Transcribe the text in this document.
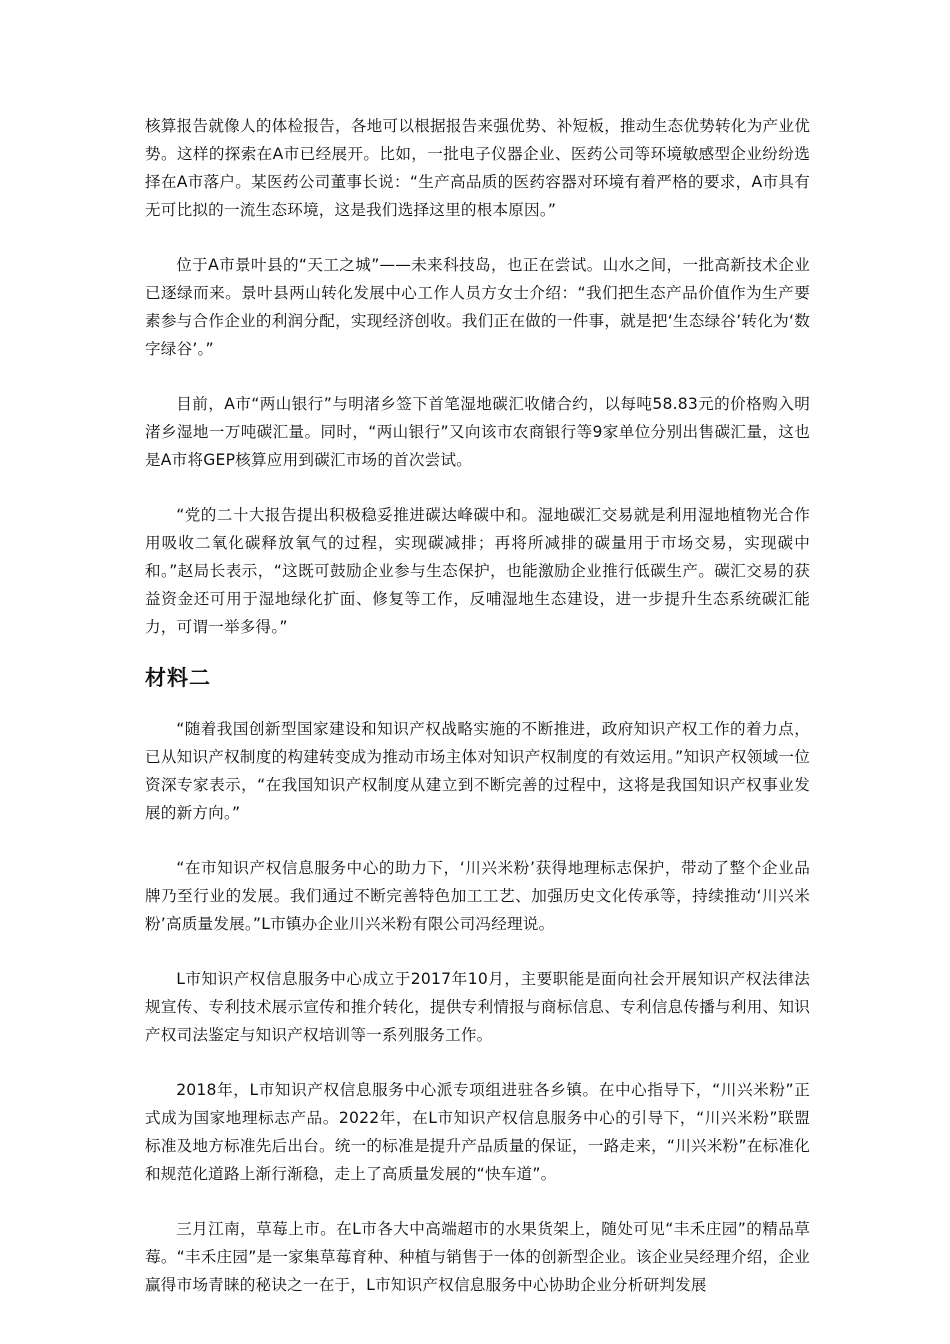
核算报告就像人的体检报告，各地可以根据报告来强优势、补短板，推动生态优势转化为产业优势。这样的探索在A市已经展开。比如，一批电子仪器企业、医药公司等环境敏感型企业纷纷选择在A市落户。某医药公司董事长说：“生产高品质的医药容器对环境有着严格的要求，A市具有无可比拟的一流生态环境，这是我们选择这里的根本原因。”

位于A市景叶县的“天工之城”——未来科技岛，也正在尝试。山水之间，一批高新技术企业已逐绿而来。景叶县两山转化发展中心工作人员方女士介绍：“我们把生态产品价值作为生产要素参与合作企业的利润分配，实现经济创收。我们正在做的一件事，就是把‘生态绿谷’转化为‘数字绿谷’。”

目前，A市“两山银行”与明渚乡签下首笔湿地碳汇收储合约，以每吨58.83元的价格购入明渚乡湿地一万吨碳汇量。同时，“两山银行”又向该市农商银行等9家单位分别出售碳汇量，这也是A市将GEP核算应用到碳汇市场的首次尝试。

“党的二十大报告提出积极稳妥推进碳达峰碳中和。湿地碳汇交易就是利用湿地植物光合作用吸收二氧化碳释放氧气的过程，实现碳减排；再将所减排的碳量用于市场交易，实现碳中和。”赵局长表示，“这既可鼓励企业参与生态保护，也能激励企业推行低碳生产。碳汇交易的获益资金还可用于湿地绿化扩面、修复等工作，反哺湿地生态建设，进一步提升生态系统碳汇能力，可谓一举多得。”

材料二

“随着我国创新型国家建设和知识产权战略实施的不断推进，政府知识产权工作的着力点，已从知识产权制度的构建转变成为推动市场主体对知识产权制度的有效运用。”知识产权领域一位资深专家表示，“在我国知识产权制度从建立到不断完善的过程中，这将是我国知识产权事业发展的新方向。”

“在市知识产权信息服务中心的助力下，‘川兴米粉’获得地理标志保护，带动了整个企业品牌乃至行业的发展。我们通过不断完善特色加工工艺、加强历史文化传承等，持续推动‘川兴米粉’高质量发展。”L市镇办企业川兴米粉有限公司冯经理说。

L市知识产权信息服务中心成立于2017年10月，主要职能是面向社会开展知识产权法律法规宣传、专利技术展示宣传和推介转化，提供专利情报与商标信息、专利信息传播与利用、知识产权司法鉴定与知识产权培训等一系列服务工作。

2018年，L市知识产权信息服务中心派专项组进驻各乡镇。在中心指导下，“川兴米粉”正式成为国家地理标志产品。2022年，在L市知识产权信息服务中心的引导下，“川兴米粉”联盟标准及地方标准先后出台。统一的标准是提升产品质量的保证，一路走来，“川兴米粉”在标准化和规范化道路上渐行渐稳，走上了高质量发展的“快车道”。

三月江南，草莓上市。在L市各大中高端超市的水果货架上，随处可见“丰禾庄园”的精品草莓。“丰禾庄园”是一家集草莓育种、种植与销售于一体的创新型企业。该企业吴经理介绍，企业赢得市场青睐的秘诀之一在于，L市知识产权信息服务中心协助企业分析研判发展
